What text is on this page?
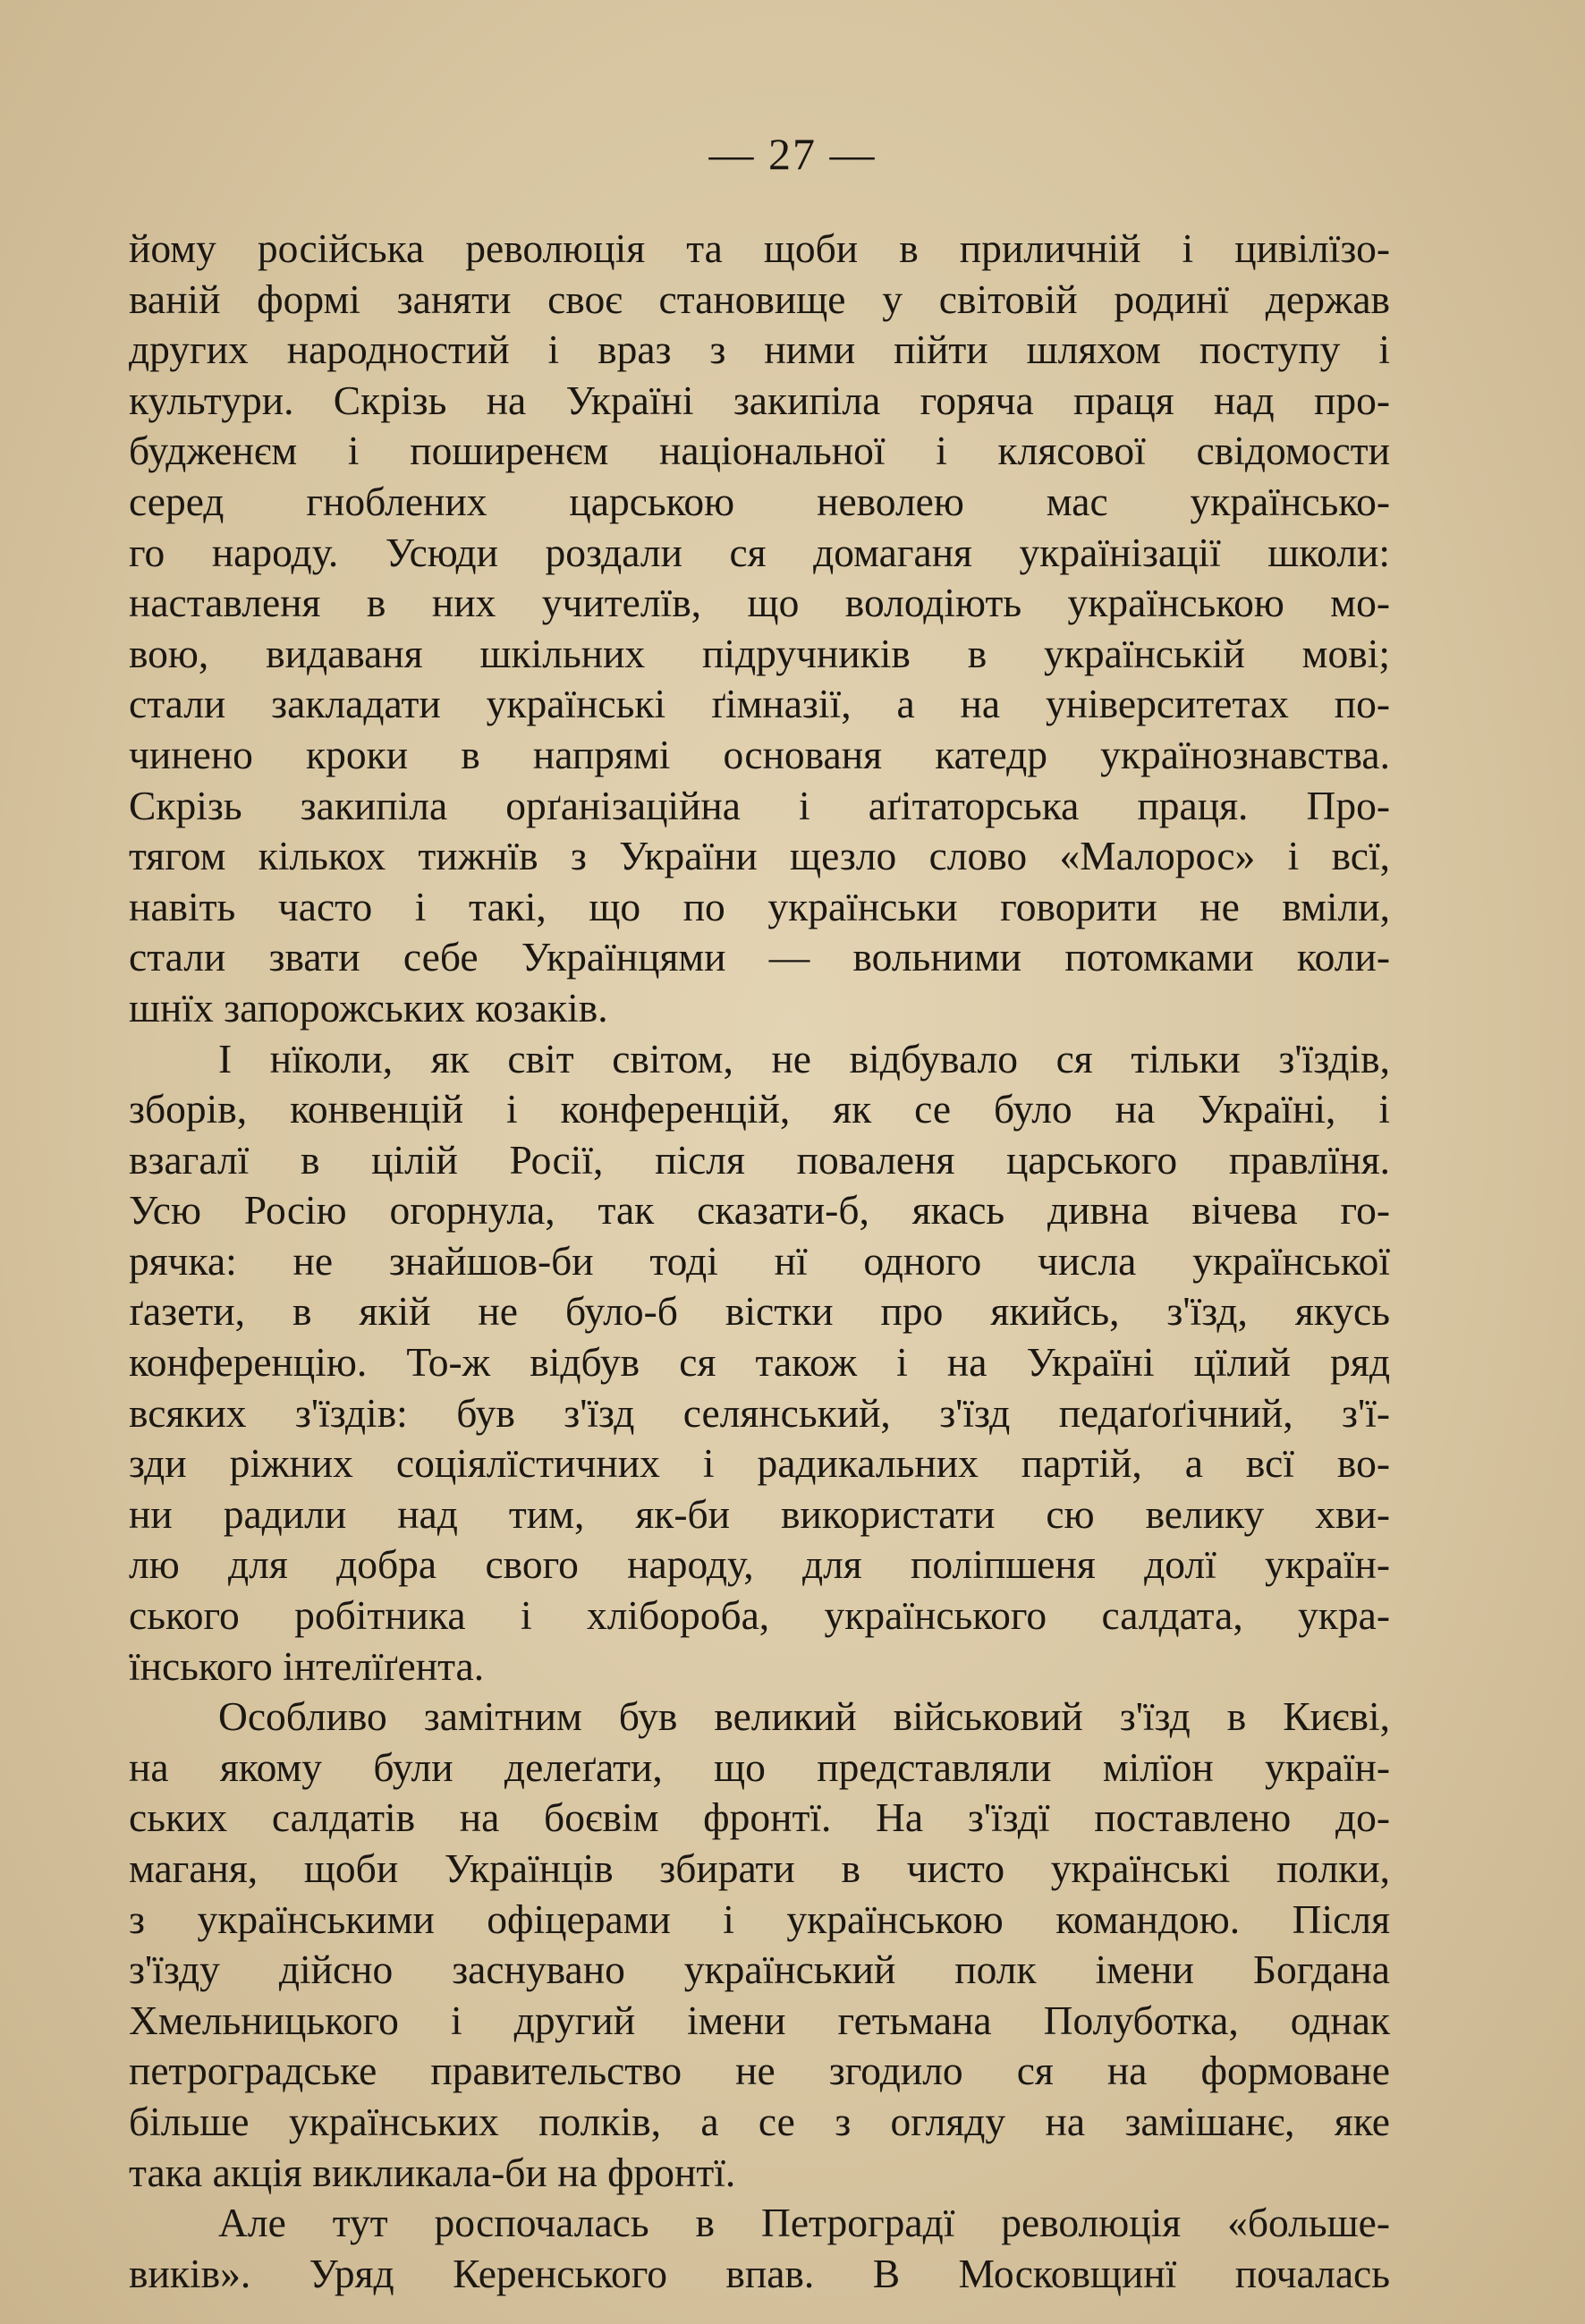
— 27 —
йому російська революція та щоби в приличній і цивілїзо-
ваній формі заняти своє становище у світовій родинї держав
других народностий і враз з ними пійти шляхом поступу і
культури. Скрізь на Україні закипіла горяча праця над про-
будженєм і поширенєм національної і клясової свідомости
серед гноблених царською неволею мас українсько-
го народу. Усюди роздали ся домаганя українізації школи:
наставленя в них учителїв, що володіють українською мо-
вою, видаваня шкільних підручників в українській мові;
стали закладати українські ґімназії, а на університетах по-
чинено кроки в напрямі основаня катедр українознавства.
Скрізь закипіла орґанізаційна і аґітаторська праця. Про-
тягом кількох тижнїв з України щезло слово «Малорос» і всї,
навіть часто і такі, що по українськи говорити не вміли,
стали звати себе Українцями — вольними потомками коли-
шнїх запорожських козаків.
І нїколи, як світ світом, не відбувало ся тільки з'їздів,
зборів, конвенцій і конференцій, як се було на Україні, і
взагалї в цілій Росії, після поваленя царського правлїня.
Усю Росію огорнула, так сказати-б, якась дивна вічева го-
рячка: не знайшов-би тоді нї одного числа української
ґазети, в якій не було-б вістки про якийсь, з'їзд, якусь
конференцію. То-ж відбув ся також і на Україні цїлий ряд
всяких з'їздів: був з'їзд селянський, з'їзд педаґоґічний, з'ї-
зди ріжних соціялїстичних і радикальних партій, а всї во-
ни радили над тим, як-би використати сю велику хви-
лю для добра свого народу, для поліпшеня долї україн-
ського робітника і хлібороба, українського салдата, укра-
їнського інтелїґента.
Особливо замітним був великий військовий з'їзд в Києві,
на якому були делеґати, що представляли мілїон україн-
ських салдатів на боєвім фронтї. На з'їздї поставлено до-
маганя, щоби Українців збирати в чисто українські полки,
з українськими офіцерами і українською командою. Після
з'їзду дійсно заснувано український полк імени Богдана
Хмельницького і другий імени гетьмана Полуботка, однак
петроградське правительство не згодило ся на формоване
більше українських полків, а се з огляду на замішанє, яке
така акція викликала-би на фронтї.
Але тут роспочалась в Петроградї революція «больше-
виків». Уряд Керенського впав. В Московщинї почалась
